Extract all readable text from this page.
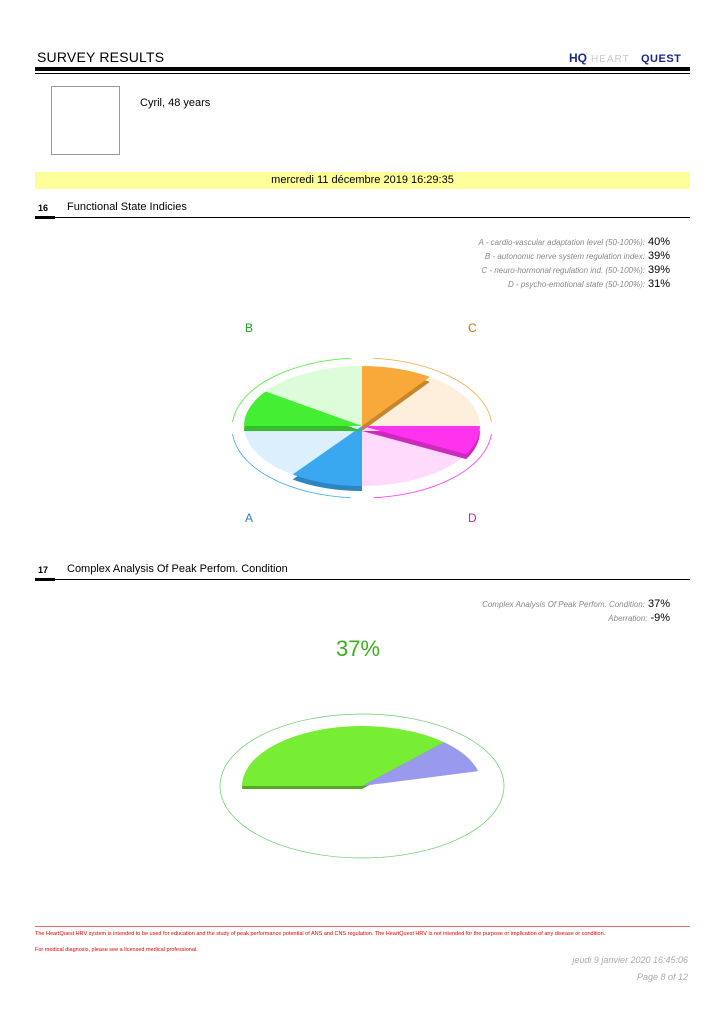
SURVEY RESULTS	HQ HEART QUEST
Cyril, 48 years
mercredi 11 décembre 2019 16:29:35
16 Functional State Indicies
A - cardio-vascular adaptation level (50-100%): 40%
B - autonomic nerve system regulation index: 39%
C - neuro-hormonal regulation ind. (50-100%): 39%
D - psycho-emotional state (50-100%): 31%
B	C
A	D
17 Complex Analysis Of Peak Perfom. Condition
Complex Analysis Of Peak Perfom. Condition: 37%
Aberration: -9%
37%
The HeartQuest HRV system is intended to be used for education and the study of peak performance potential of ANS and CNS regulation. The HeartQuest HRV is not intended for the purpose or implication of any disease or condition.
For medical diagnosis, please see a licensed medical professional.
jeudi 9 janvier 2020 16:45:06
Page 8 of 12
